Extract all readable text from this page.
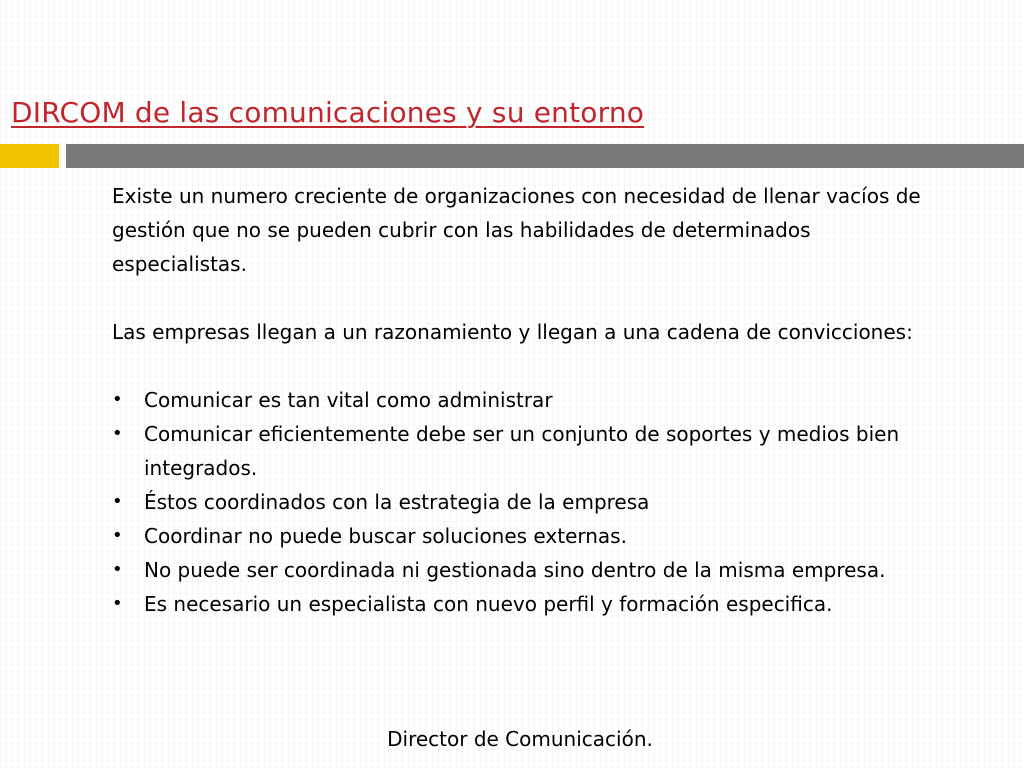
DIRCOM de las comunicaciones y su entorno

Existe un numero creciente de organizaciones con necesidad de llenar vacíos de gestión que no se pueden cubrir con las habilidades de determinados especialistas.

Las empresas llegan a un razonamiento y llegan a una cadena de convicciones:

• Comunicar es tan vital como administrar
• Comunicar eficientemente debe ser un conjunto de soportes y medios bien integrados.
• Éstos coordinados con la estrategia de la empresa
• Coordinar no puede buscar soluciones externas.
• No puede ser coordinada ni gestionada sino dentro de la misma empresa.
• Es necesario un especialista con nuevo perfil y formación especifica.

Director de Comunicación.
